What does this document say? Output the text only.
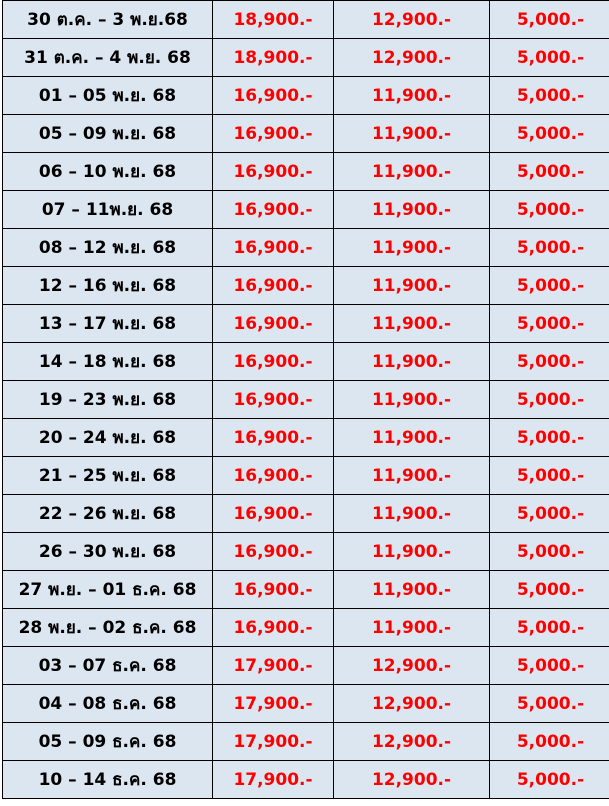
30 ต.ค. – 3 พ.ย.68	18,900.-	12,900.-	5,000.-
31 ต.ค. – 4 พ.ย. 68	18,900.-	12,900.-	5,000.-
01 – 05 พ.ย. 68	16,900.-	11,900.-	5,000.-
05 – 09 พ.ย. 68	16,900.-	11,900.-	5,000.-
06 – 10 พ.ย. 68	16,900.-	11,900.-	5,000.-
07 – 11พ.ย. 68	16,900.-	11,900.-	5,000.-
08 – 12 พ.ย. 68	16,900.-	11,900.-	5,000.-
12 – 16 พ.ย. 68	16,900.-	11,900.-	5,000.-
13 – 17 พ.ย. 68	16,900.-	11,900.-	5,000.-
14 – 18 พ.ย. 68	16,900.-	11,900.-	5,000.-
19 – 23 พ.ย. 68	16,900.-	11,900.-	5,000.-
20 – 24 พ.ย. 68	16,900.-	11,900.-	5,000.-
21 – 25 พ.ย. 68	16,900.-	11,900.-	5,000.-
22 – 26 พ.ย. 68	16,900.-	11,900.-	5,000.-
26 – 30 พ.ย. 68	16,900.-	11,900.-	5,000.-
27 พ.ย. – 01 ธ.ค. 68	16,900.-	11,900.-	5,000.-
28 พ.ย. – 02 ธ.ค. 68	16,900.-	11,900.-	5,000.-
03 – 07 ธ.ค. 68	17,900.-	12,900.-	5,000.-
04 – 08 ธ.ค. 68	17,900.-	12,900.-	5,000.-
05 – 09 ธ.ค. 68	17,900.-	12,900.-	5,000.-
10 – 14 ธ.ค. 68	17,900.-	12,900.-	5,000.-
